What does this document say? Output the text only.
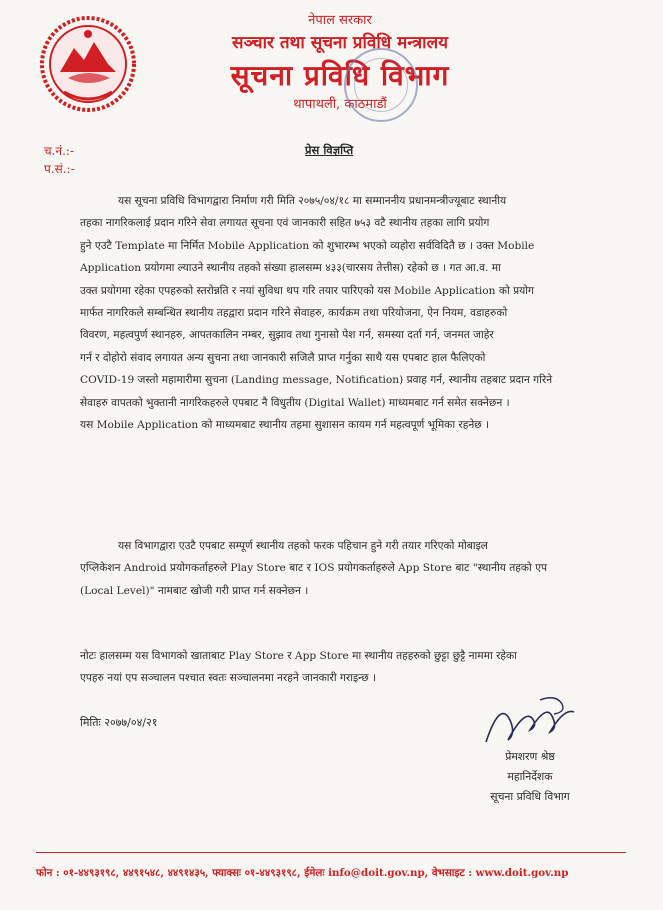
नेपाल सरकार
सञ्चार तथा सूचना प्रविधि मन्त्रालय
सूचना प्रविधि विभाग
थापाथली, काठमाडौं
च.नं.:-
प.सं.:-
प्रेस विज्ञप्ति
यस सूचना प्रविधि विभागद्वारा निर्माण गरी मिति २०७५/०४/१८ मा सम्माननीय प्रधानमन्त्रीज्यूबाट स्थानीय
तहका नागरिकलाई प्रदान गरिने सेवा लगायत सूचना एवं जानकारी सहित ७५३ वटै स्थानीय तहका लागि प्रयोग
हुने एउटै Template मा निर्मित Mobile Application को शुभारम्भ भएको व्यहोरा सर्वविदितै छ । उक्त Mobile
Application प्रयोगमा ल्याउने स्थानीय तहको संख्या हालसम्म ४३३(चारसय तेत्तीस) रहेको छ । गत आ.व. मा
उक्त प्रयोगमा रहेका एपहरुको स्तरोन्नति र नयां सुविधा थप गरि तयार पारिएको यस Mobile Application को प्रयोग
मार्फत नागरिकले सम्बन्धित स्थानीय तहद्वारा प्रदान गरिने सेवाहरु, कार्यक्रम तथा परियोजना, ऐन नियम, वडाहरुको
विवरण, महत्वपुर्ण स्थानहरु, आपतकालिन नम्बर, सुझाव तथा गुनासो पेश गर्न, समस्या दर्ता गर्न, जनमत जाहेर
गर्न र दोहोरो संवाद लगायत अन्य सुचना तथा जानकारी सजिलै प्राप्त गर्नुका साथै यस एपबाट हाल फैलिएको
COVID-19 जस्तो महामारीमा सुचना (Landing message, Notification) प्रवाह गर्न, स्थानीय तहबाट प्रदान गरिने
सेवाहरु वापतको भुक्तानी नागरिकहरुले एपबाट नै विधुतीय (Digital Wallet) माध्यमबाट गर्न समेत सक्नेछन ।
यस Mobile Application को माध्यमबाट स्थानीय तहमा सुशासन कायम गर्न महत्वपूर्ण भूमिका रहनेछ ।
यस विभागद्वारा एउटै एपबाट सम्पूर्ण स्थानीय तहको फरक पहिचान हुने गरी तयार गरिएको मोबाइल
एप्लिकेशन Android प्रयोगकर्ताहरुले Play Store बाट र IOS प्रयोगकर्ताहरुले App Store बाट "स्थानीय तहको एप
(Local Level)" नामबाट खोजी गरी प्राप्त गर्न सक्नेछन ।
नोटः हालसम्म यस विभागको खाताबाट Play Store र App Store मा स्थानीय तहहरुको छुट्टा छुट्टै नाममा रहेका
एपहरु नयां एप सञ्चालन पश्चात स्वतः सञ्चालनमा नरहने जानकारी गराइन्छ ।
मितिः २०७७/०४/२१
प्रेमशरण श्रेष्ठ
महानिर्देशक
सूचना प्रविधि विभाग
फोन : ०१-४४९३१९८, ४४९१५४८, ४४९१४३५, फ्याक्सः ०१-४४९३१९८, ईमेलः info@doit.gov.np, वेभसाइट : www.doit.gov.np
